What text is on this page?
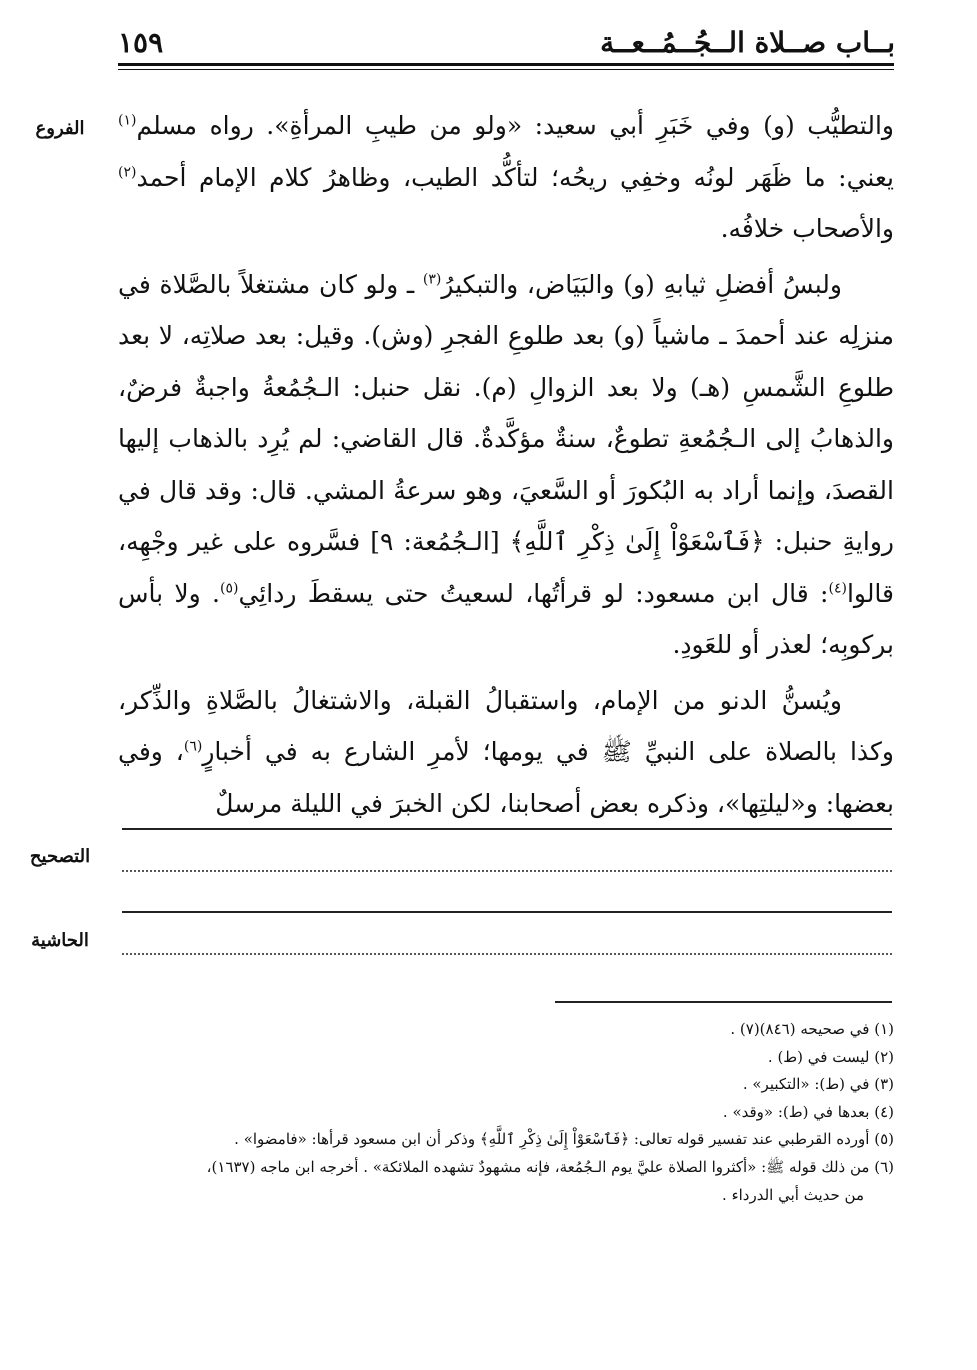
بــاب صــلاة الــجُــمُــعــة
١٥٩
الفروع
التصحيح
الحاشية

والتطيُّب (و) وفي خَبَرِ أبي سعيد: «ولو من طيبِ المرأةِ». رواه مسلم$^{(١)}$ يعني: ما ظَهَر لونُه وخفِي ريحُه؛ لتأكُّد الطيب، وظاهرُ كلام الإمام أحمد$^{(٢)}$ والأصحاب خلافُه.

ولبسُ أفضلِ ثيابهِ (و) والبَيَاض، والتبكيرُ$^{(٣)}$ ـ ولو كان مشتغلاً بالصَّلاة في منزلِه عند أحمدَ ـ ماشياً (و) بعد طلوعِ الفجرِ (وش). وقيل: بعد صلاتِه، لا بعد طلوعِ الشَّمسِ (هـ) ولا بعد الزوالِ (م). نقل حنبل: الـجُمُعةُ واجبةٌ فرضٌ، والذهابُ إلى الـجُمُعةِ تطوعٌ، سنةٌ مؤكَّدةٌ. قال القاضي: لم يُرِد بالذهاب إليها القصدَ، وإنما أراد به البُكورَ أو السَّعيَ، وهو سرعةُ المشي. قال: وقد قال في روايةِ حنبل: ﴿فَٱسْعَوْاْ إِلَىٰ ذِكْرِ ٱللَّهِ﴾ [الـجُمُعة: ٩] فسَّروه على غير وجْهِه، قالوا$^{(٤)}$: قال ابن مسعود: لو قرأتُها، لسعيتُ حتى يسقطَ ردائِي$^{(٥)}$. ولا بأس بركوبِه؛ لعذر أو للعَودِ.

ويُسنُّ الدنو من الإمام، واستقبالُ القبلة، والاشتغالُ بالصَّلاةِ والذِّكر، وكذا بالصلاة على النبيِّ ﷺ في يومها؛ لأمرِ الشارع به في أخبارٍ$^{(٦)}$، وفي بعضها: و«ليلتِها»، وذكره بعض أصحابنا، لكن الخبرَ في الليلة مرسلٌ

(١) في صحيحه (٨٤٦)(٧) .
(٢) ليست في (ط) .
(٣) في (ط): «التكبير» .
(٤) بعدها في (ط): «وقد» .
(٥) أورده القرطبي عند تفسير قوله تعالى: ﴿فَٱسْعَوْاْ إِلَىٰ ذِكْرِ ٱللَّهِ﴾ وذكر أن ابن مسعود قرأها: «فامضوا» .
(٦) من ذلك قوله ﷺ: «أكثروا الصلاة عليَّ يوم الـجُمُعة، فإنه مشهودٌ تشهده الملائكة» . أخرجه ابن ماجه (١٦٣٧)،
من حديث أبي الدرداء .
